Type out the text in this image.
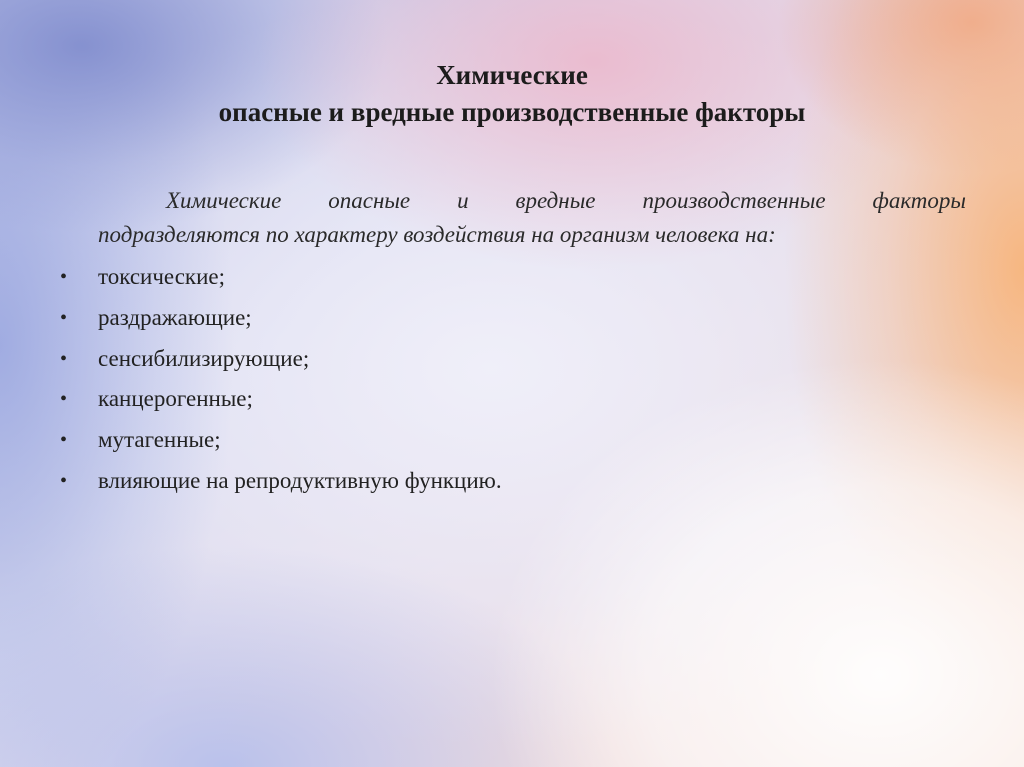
Химические
опасные и вредные производственные факторы
Химические опасные и вредные производственные факторы
подразделяются по характеру воздействия на организм человека на:
• токсические;
• раздражающие;
• сенсибилизирующие;
• канцерогенные;
• мутагенные;
• влияющие на репродуктивную функцию.
